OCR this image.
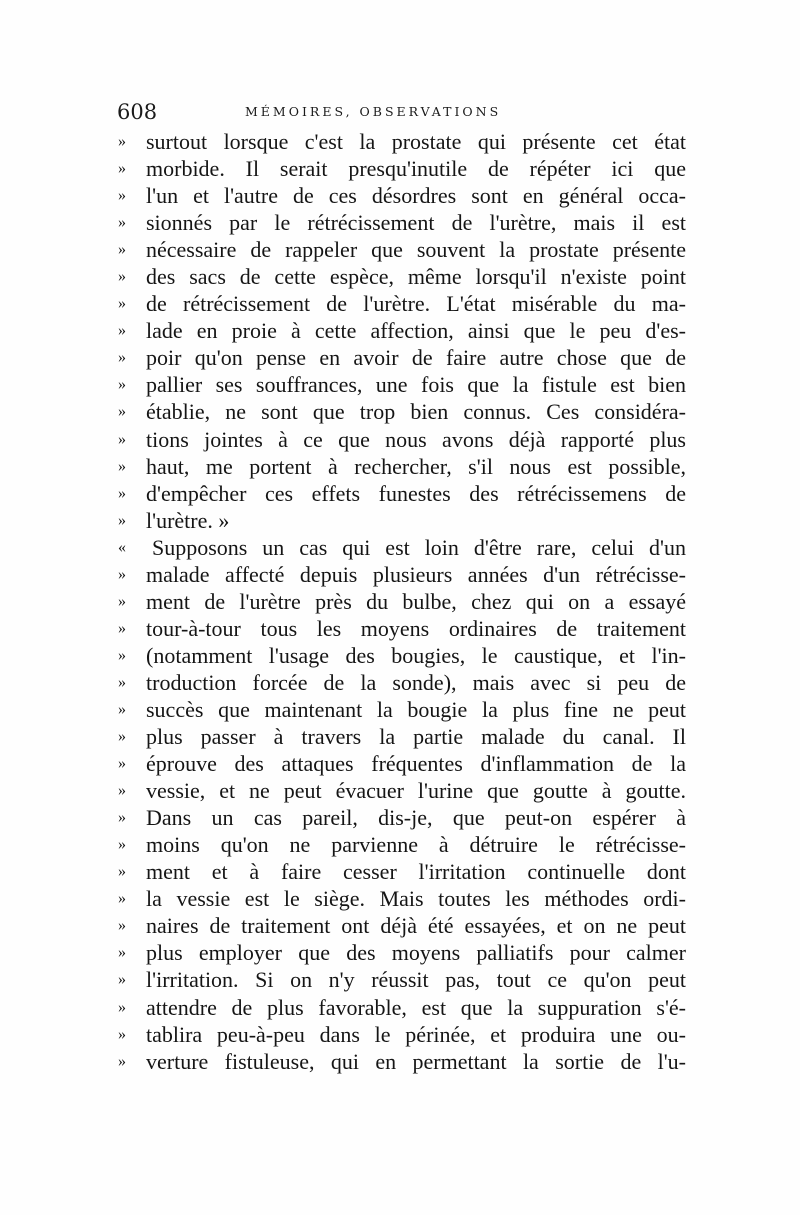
608	MÉMOIRES, OBSERVATIONS
» surtout lorsque c'est la prostate qui présente cet état
» morbide. Il serait presqu'inutile de répéter ici que
» l'un et l'autre de ces désordres sont en général occa-
» sionnés par le rétrécissement de l'urètre, mais il est
» nécessaire de rappeler que souvent la prostate présente
» des sacs de cette espèce, même lorsqu'il n'existe point
» de rétrécissement de l'urètre. L'état misérable du ma-
» lade en proie à cette affection, ainsi que le peu d'es-
» poir qu'on pense en avoir de faire autre chose que de
» pallier ses souffrances, une fois que la fistule est bien
» établie, ne sont que trop bien connus. Ces considéra-
» tions jointes à ce que nous avons déjà rapporté plus
» haut, me portent à rechercher, s'il nous est possible,
» d'empêcher ces effets funestes des rétrécissemens de
» l'urètre. »
« Supposons un cas qui est loin d'être rare, celui d'un
» malade affecté depuis plusieurs années d'un rétrécisse-
» ment de l'urètre près du bulbe, chez qui on a essayé
» tour-à-tour tous les moyens ordinaires de traitement
» (notamment l'usage des bougies, le caustique, et l'in-
» troduction forcée de la sonde), mais avec si peu de
» succès que maintenant la bougie la plus fine ne peut
» plus passer à travers la partie malade du canal. Il
» éprouve des attaques fréquentes d'inflammation de la
» vessie, et ne peut évacuer l'urine que goutte à goutte.
» Dans un cas pareil, dis-je, que peut-on espérer à
» moins qu'on ne parvienne à détruire le rétrécisse-
» ment et à faire cesser l'irritation continuelle dont
» la vessie est le siège. Mais toutes les méthodes ordi-
» naires de traitement ont déjà été essayées, et on ne peut
» plus employer que des moyens palliatifs pour calmer
» l'irritation. Si on n'y réussit pas, tout ce qu'on peut
» attendre de plus favorable, est que la suppuration s'é-
» tablira peu-à-peu dans le périnée, et produira une ou-
» verture fistuleuse, qui en permettant la sortie de l'u-
